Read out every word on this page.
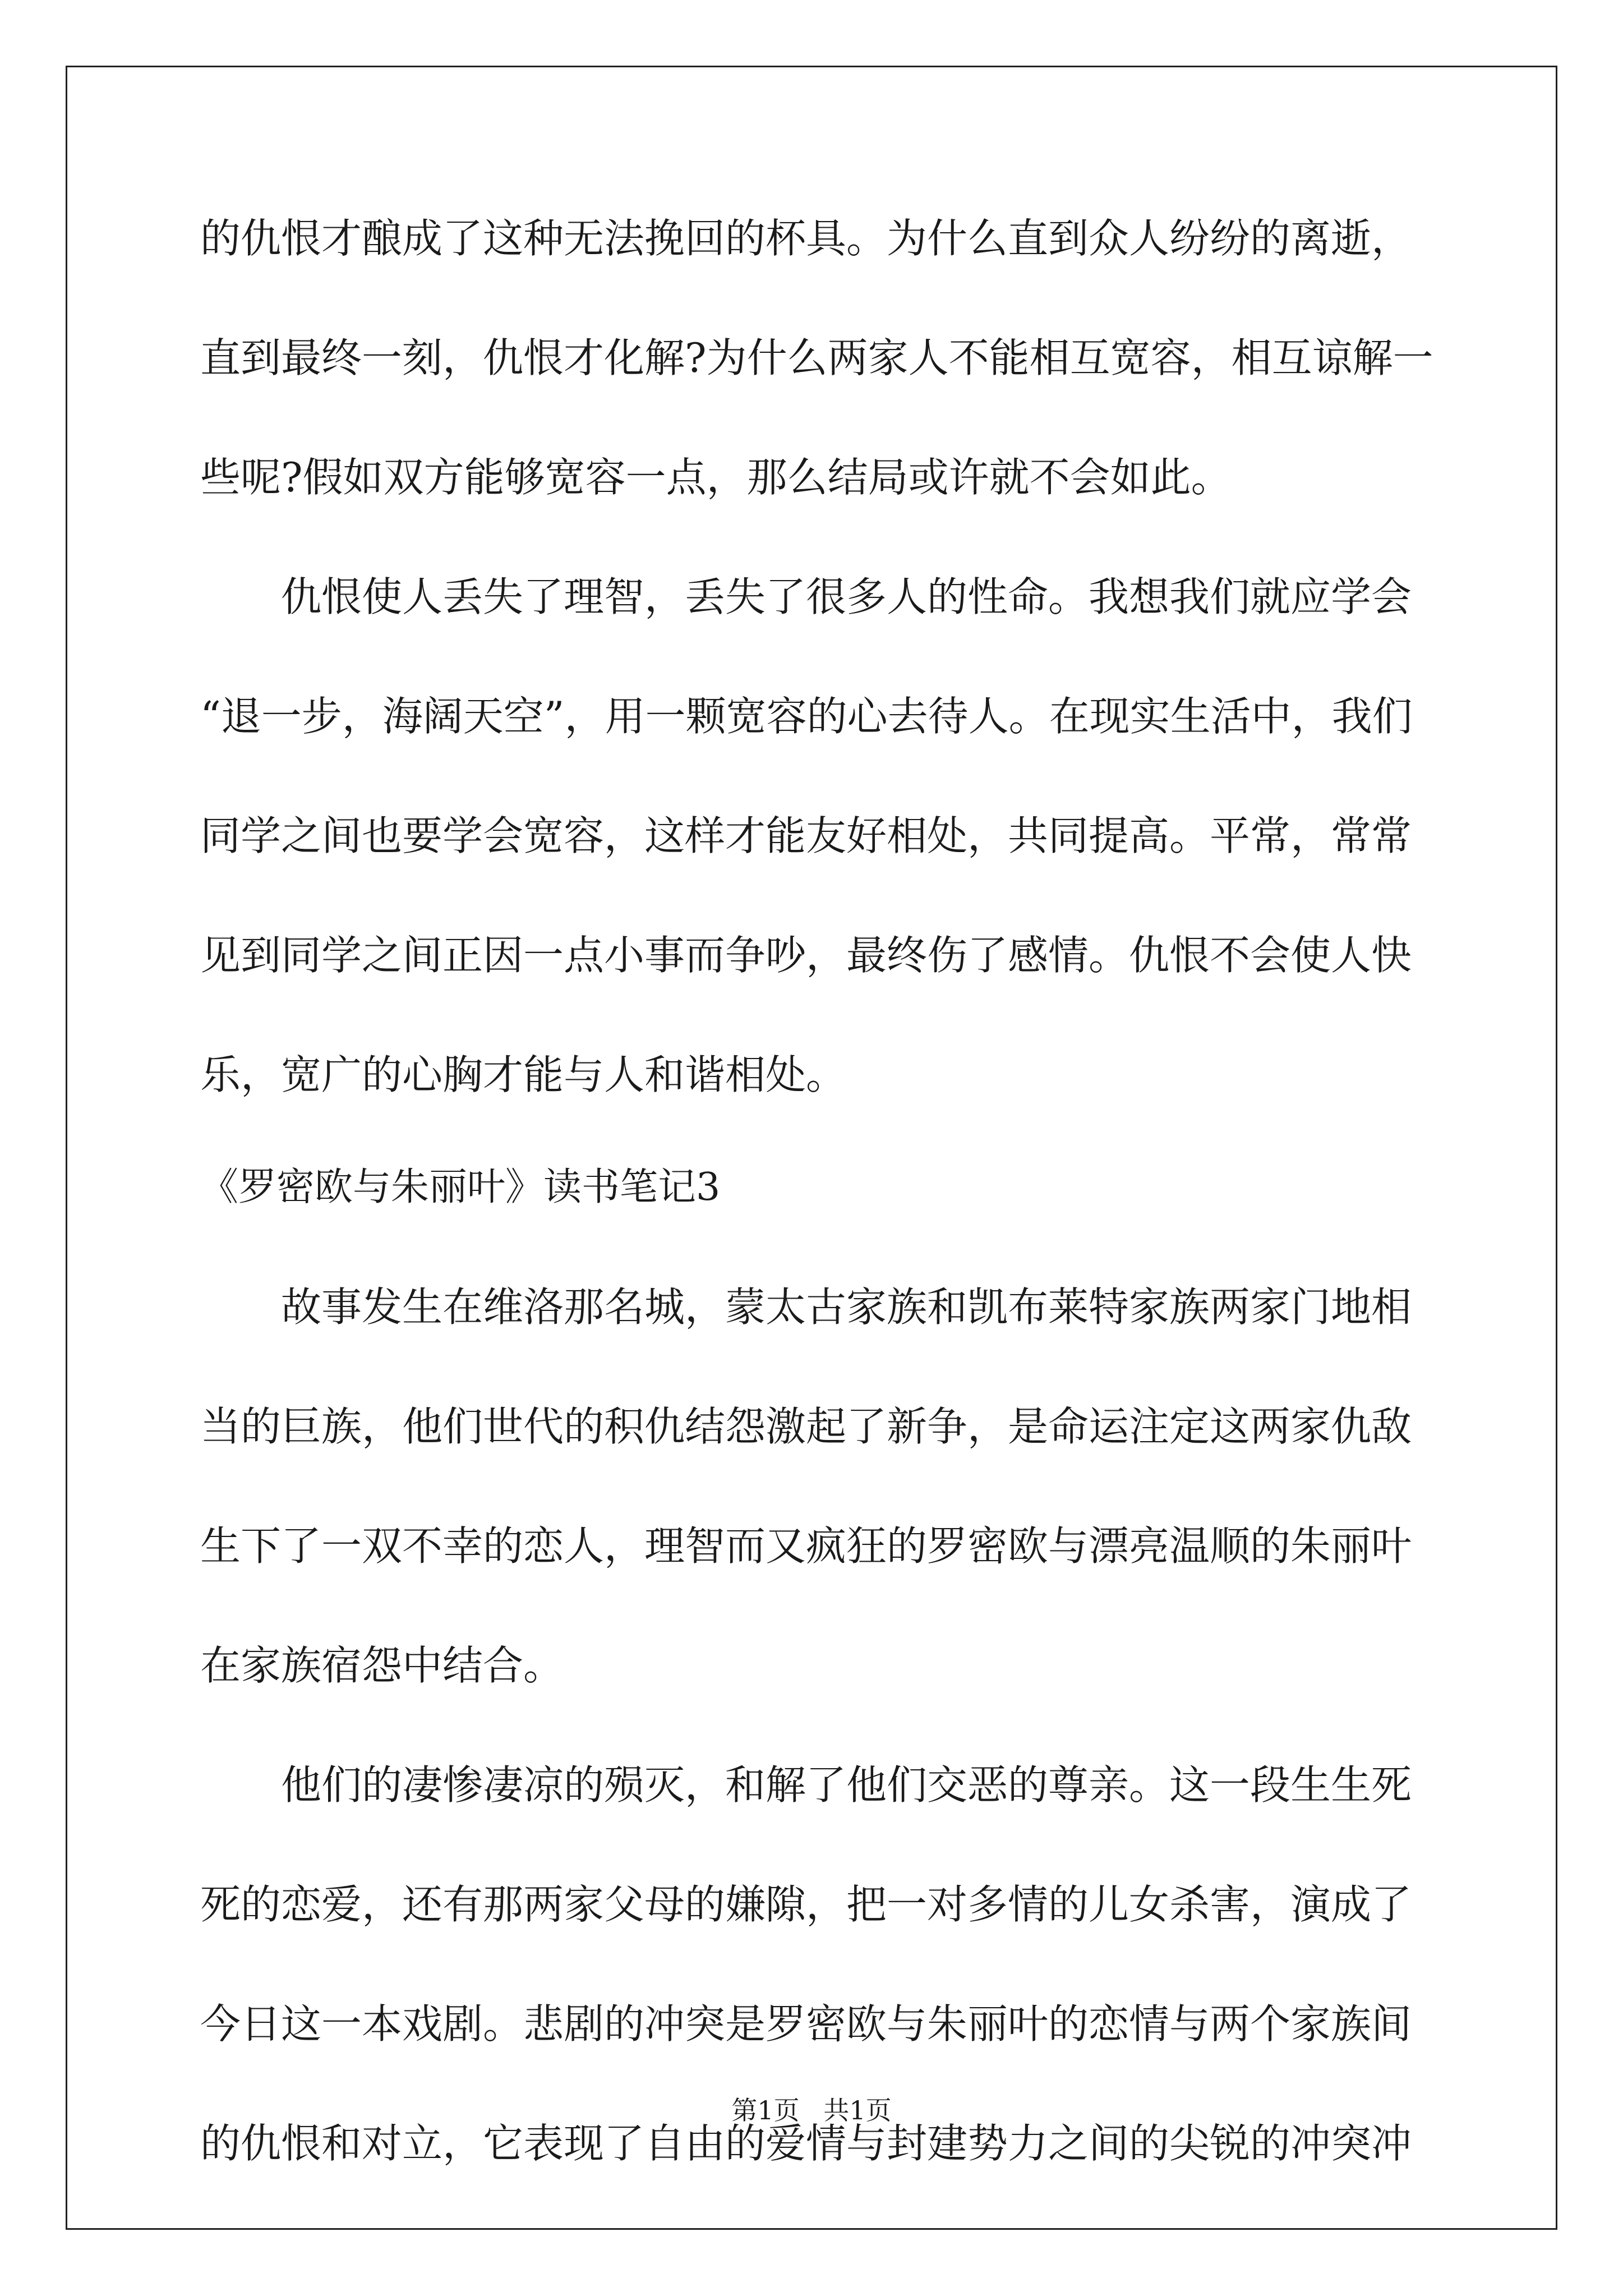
的仇恨才酿成了这种无法挽回的杯具。为什么直到众人纷纷的离逝，
直到最终一刻，仇恨才化解?为什么两家人不能相互宽容，相互谅解一
些呢?假如双方能够宽容一点，那么结局或许就不会如此。
　　仇恨使人丢失了理智，丢失了很多人的性命。我想我们就应学会
“退一步，海阔天空”，用一颗宽容的心去待人。在现实生活中，我们
同学之间也要学会宽容，这样才能友好相处，共同提高。平常，常常
见到同学之间正因一点小事而争吵，最终伤了感情。仇恨不会使人快
乐，宽广的心胸才能与人和谐相处。
《罗密欧与朱丽叶》读书笔记3
　　故事发生在维洛那名城，蒙太古家族和凯布莱特家族两家门地相
当的巨族，他们世代的积仇结怨激起了新争，是命运注定这两家仇敌
生下了一双不幸的恋人，理智而又疯狂的罗密欧与漂亮温顺的朱丽叶
在家族宿怨中结合。
　　他们的凄惨凄凉的殒灭，和解了他们交恶的尊亲。这一段生生死
死的恋爱，还有那两家父母的嫌隙，把一对多情的儿女杀害，演成了
今日这一本戏剧。悲剧的冲突是罗密欧与朱丽叶的恋情与两个家族间
的仇恨和对立，它表现了自由的爱情与封建势力之间的尖锐的冲突冲
第1页 共1页
